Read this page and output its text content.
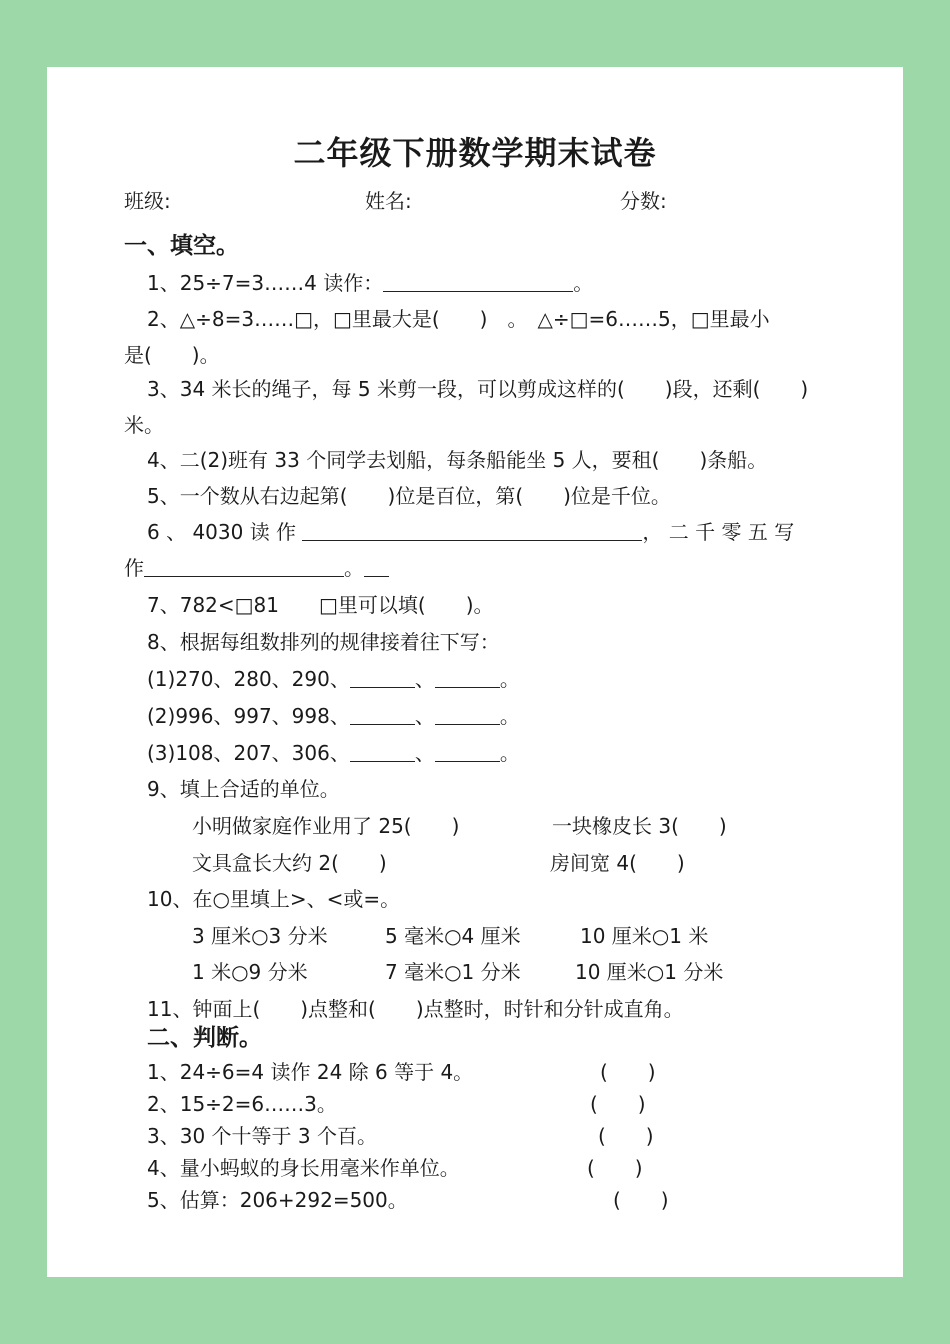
二年级下册数学期末试卷
班级:	姓名:	分数:
一、填空。
1、25÷7=3……4 读作：	。
2、△÷8=3……□，□里最大是(　　)　。　△÷□=6……5，□里最小
是(　　)。
3、34 米长的绳子，每 5 米剪一段，可以剪成这样的(　　)段，还剩(　　)
米。
4、二(2)班有 33 个同学去划船，每条船能坐 5 人，要租(　　)条船。
5、一个数从右边起第(　　)位是百位，第(　　)位是千位。
6 、 4030 读 作	， 二 千 零 五 写
作	。
7、782<□81　　□里可以填(　　)。
8、根据每组数排列的规律接着往下写：
(1)270、280、290、	、	。
(2)996、997、998、	、	。
(3)108、207、306、	、	。
9、填上合适的单位。
小明做家庭作业用了 25(　　)	一块橡皮长 3(　　)
文具盒长大约 2(　　)	房间宽 4(　　)
10、在○里填上>、<或=。
3 厘米○3 分米	5 毫米○4 厘米	10 厘米○1 米
1 米○9 分米	7 毫米○1 分米	10 厘米○1 分米
11、钟面上(　　)点整和(　　)点整时，时针和分针成直角。
二、判断。
1、24÷6=4 读作 24 除 6 等于 4。	(　　)
2、15÷2=6……3。	(　　)
3、30 个十等于 3 个百。	(　　)
4、量小蚂蚁的身长用毫米作单位。	(　　)
5、估算：206+292=500。	(　　)
